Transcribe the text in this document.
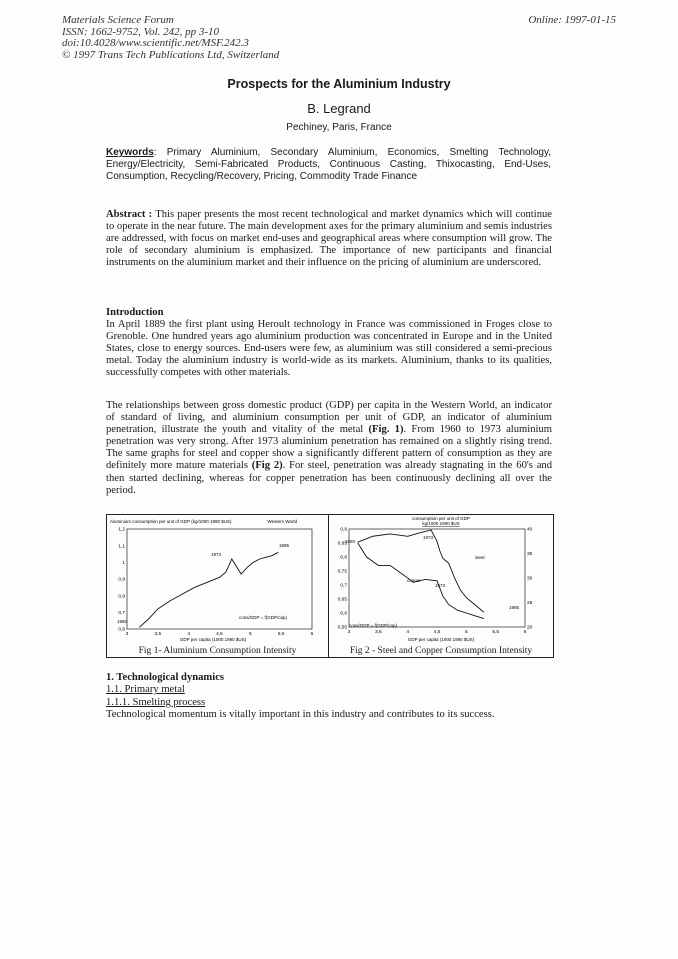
Materials Science Forum
ISSN: 1662-9752, Vol. 242, pp 3-10
doi:10.4028/www.scientific.net/MSF.242.3
© 1997 Trans Tech Publications Ltd, Switzerland
Online: 1997-01-15
Prospects for the Aluminium Industry
B. Legrand
Pechiney, Paris, France
Keywords: Primary Aluminium, Secondary Aluminium, Economics, Smelting Technology, Energy/Electricity, Semi-Fabricated Products, Continuous Casting, Thixocasting, End-Uses, Consumption, Recycling/Recovery, Pricing, Commodity Trade Finance
Abstract : This paper presents the most recent technological and market dynamics which will continue to operate in the near future. The main development axes for the primary aluminium and semis industries are addressed, with focus on market end-uses and geographical areas where consumption will grow. The role of secondary aluminium is emphasized. The importance of new participants and financial instruments on the aluminium market and their influence on the pricing of aluminium are underscored.
Introduction
In April 1889 the first plant using Heroult technology in France was commissioned in Froges close to Grenoble. One hundred years ago aluminium production was concentrated in Europe and in the United States, close to energy sources. End-users were few, as aluminium was still considered a semi-precious metal. Today the aluminium industry is world-wide as its markets. Aluminium, thanks to its qualities, successfully competes with other materials.
The relationships between gross domestic product (GDP) per capita in the Western World, an indicator of standard of living, and aluminium consumption per unit of GDP, an indicator of aluminium penetration, illustrate the youth and vitality of the metal (Fig. 1). From 1960 to 1973 aluminium penetration was very strong. After 1973 aluminium penetration has remained on a slightly rising trend. The same graphs for steel and copper show a significantly different pattern of consumption as they are definitely more mature materials (Fig 2). For steel, penetration was already stagnating in the 60's and then started declining, whereas for copper penetration has been continuously declining all over the period.
Aluminium consumption per unit of GDP (kg/1000 1990 $US)	Western World
GDP per capita (1000 1990 $US)
cons/GDP = f(GDP/cap)
1960
1973
1995
3	3,5	4	4,5	5	5,5	6
0,6
0,7
0,8
0,9
1
1,1
1,2
Fig 1- Aluminium Consumption Intensity
consumption per unit of GDP
kg/1000 1990 $US
GDP per capita (1000 1990 $US)
cons/GDP = f(GDP/cap)
1960
1973
copper
1973
steel
1995
3	3,5	4	4,5	5	5,5	6
0,55
0,6
0,65
0,7
0,75
0,8
0,85
0,9
20
25
30
35
40
Fig 2 - Steel and Copper Consumption Intensity
1. Technological dynamics
1.1. Primary metal
1.1.1. Smelting process
Technological momentum is vitally important in this industry and contributes to its success.
